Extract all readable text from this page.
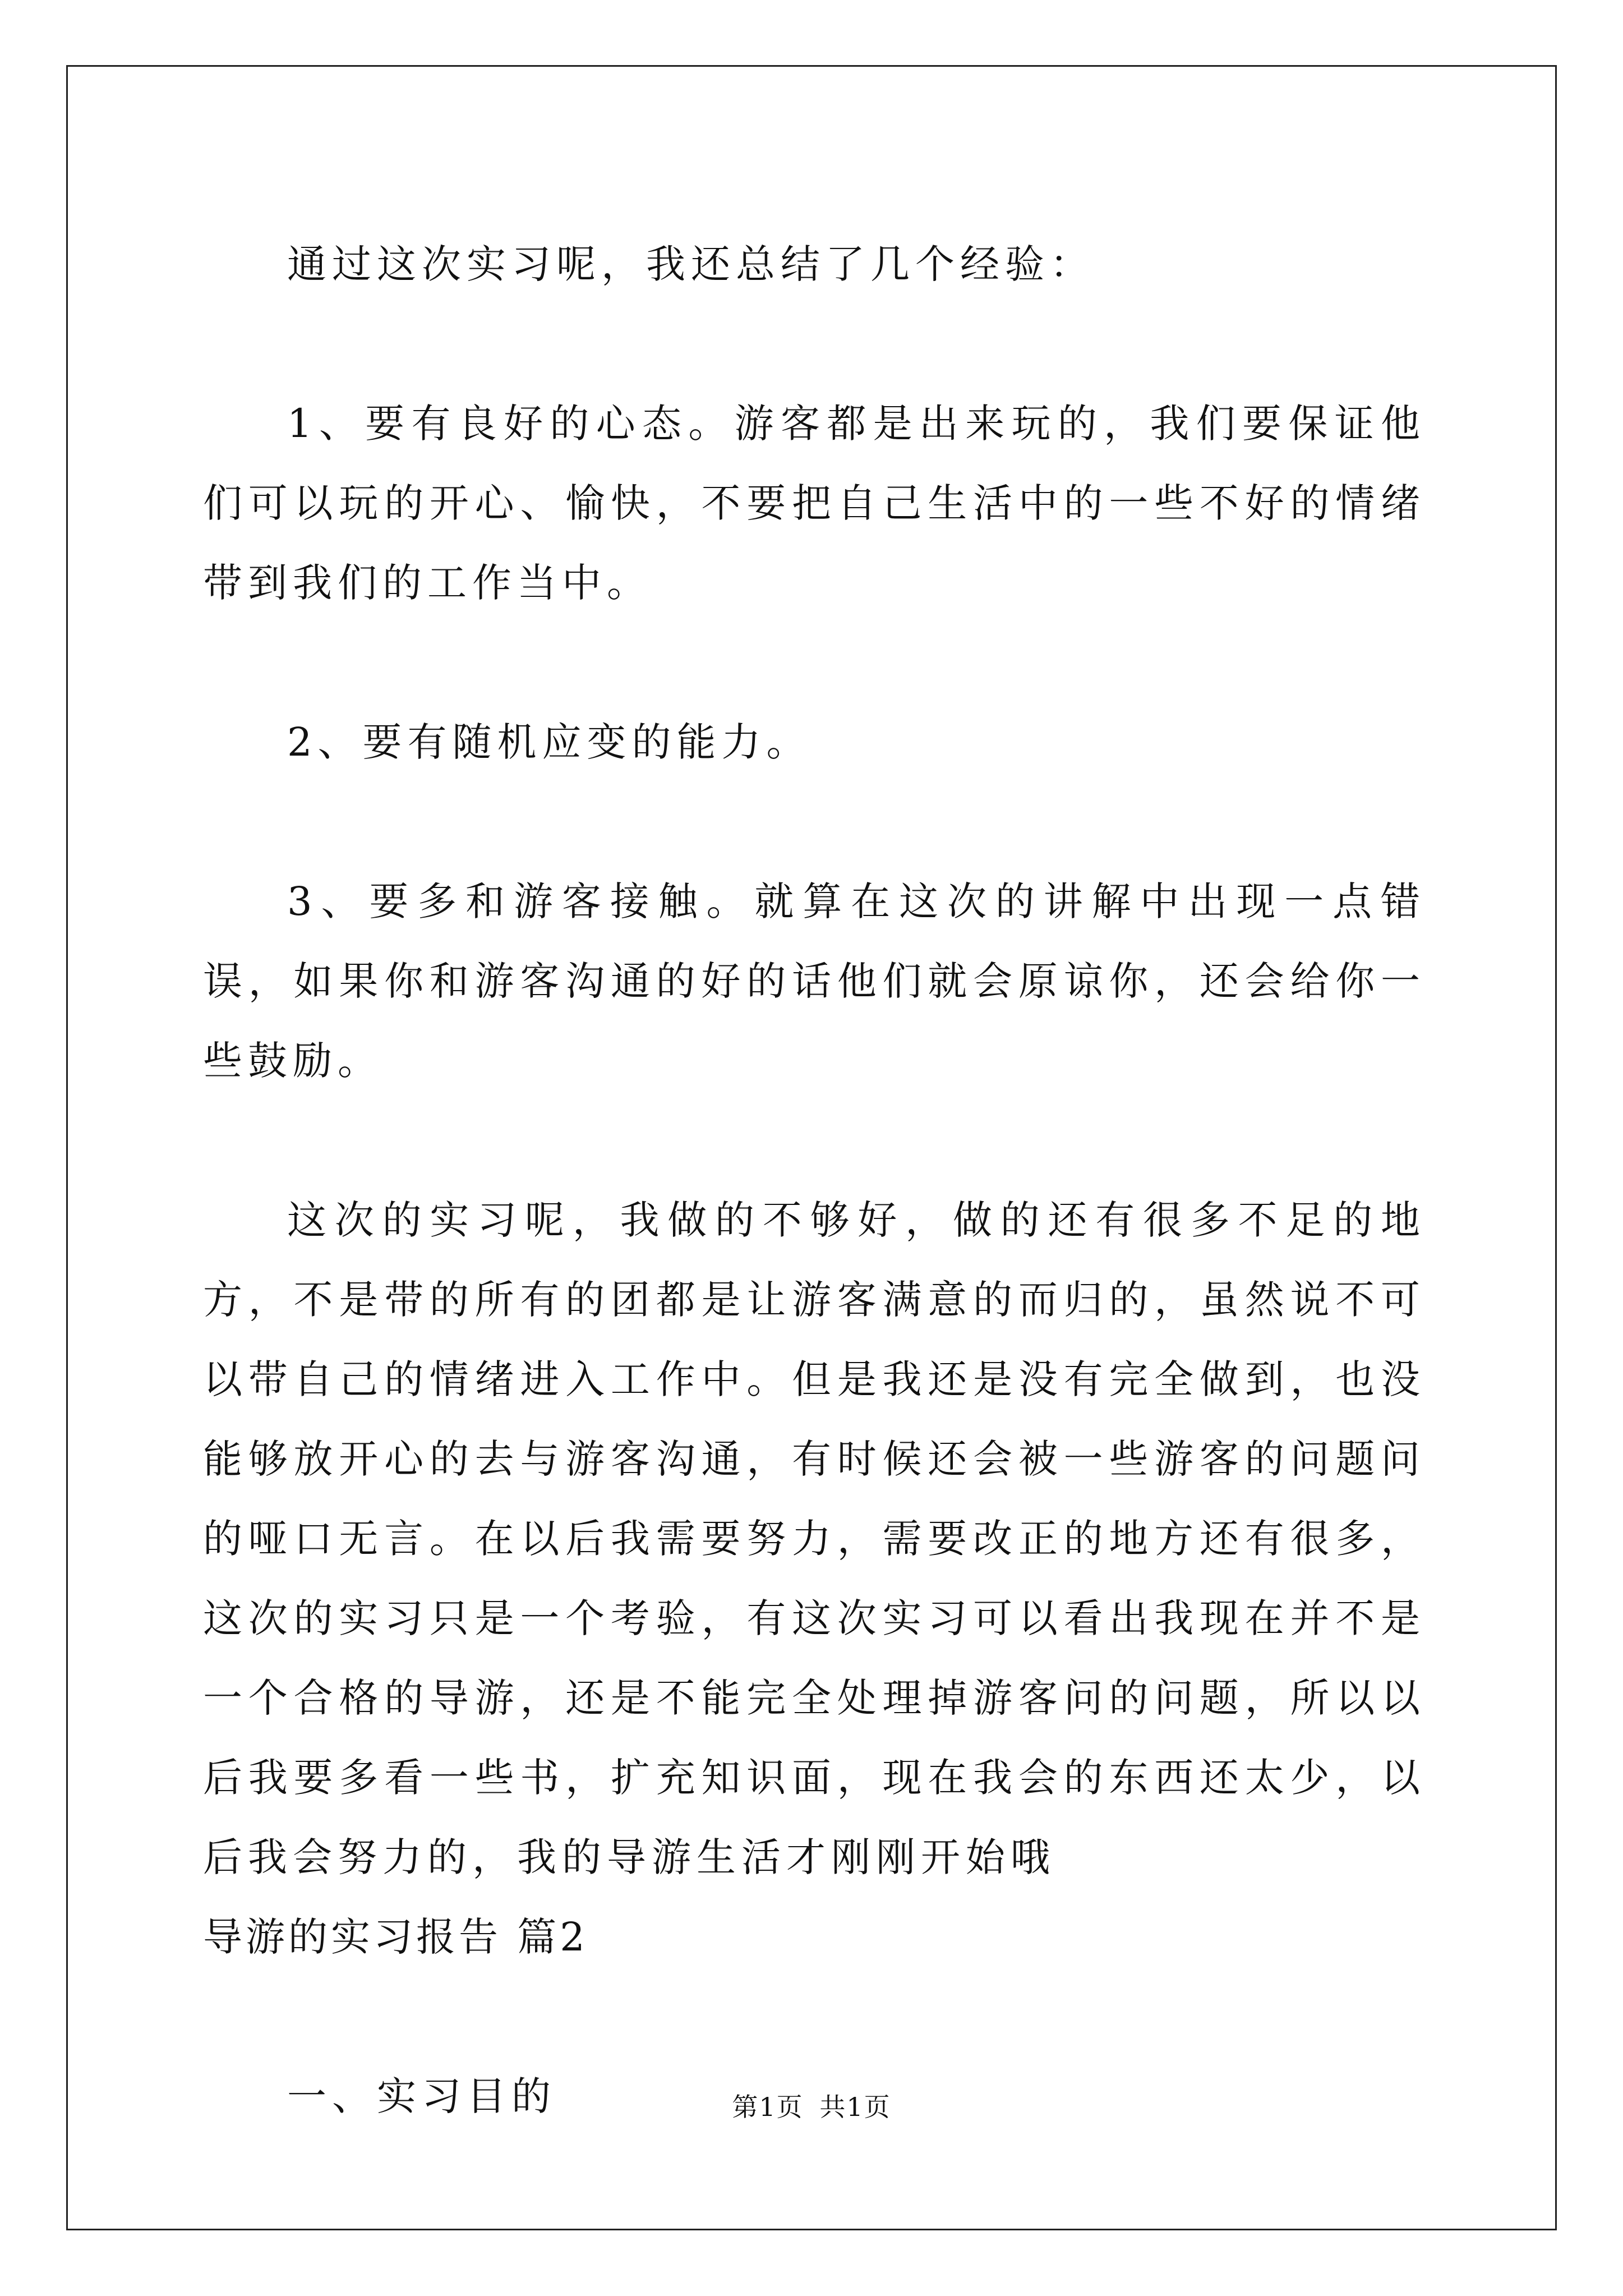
通过这次实习呢，我还总结了几个经验：

1、要有良好的心态。游客都是出来玩的，我们要保证他们可以玩的开心、愉快，不要把自己生活中的一些不好的情绪带到我们的工作当中。

2、要有随机应变的能力。

3、要多和游客接触。就算在这次的讲解中出现一点错误，如果你和游客沟通的好的话他们就会原谅你，还会给你一些鼓励。

这次的实习呢，我做的不够好，做的还有很多不足的地方，不是带的所有的团都是让游客满意的而归的，虽然说不可以带自己的情绪进入工作中。但是我还是没有完全做到，也没能够放开心的去与游客沟通，有时候还会被一些游客的问题问的哑口无言。在以后我需要努力，需要改正的地方还有很多，这次的实习只是一个考验，有这次实习可以看出我现在并不是一个合格的导游，还是不能完全处理掉游客问的问题，所以以后我要多看一些书，扩充知识面，现在我会的东西还太少，以后我会努力的，我的导游生活才刚刚开始哦

导游的实习报告 篇2

一、实习目的	第1页 共1页
